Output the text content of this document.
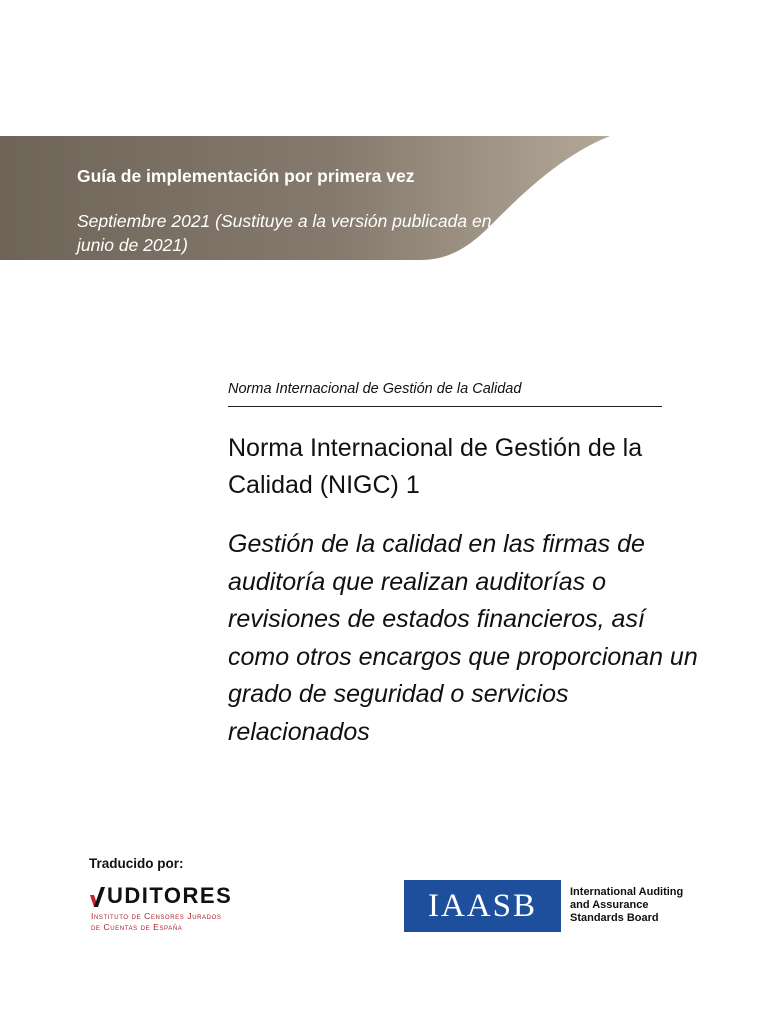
Guía de implementación por primera vez

Septiembre 2021 (Sustituye a la versión publicada en junio de 2021)

Norma Internacional de Gestión de la Calidad

Norma Internacional de Gestión de la Calidad (NIGC) 1

Gestión de la calidad en las firmas de auditoría que realizan auditorías o revisiones de estados financieros, así como otros encargos que proporcionan un grado de seguridad o servicios relacionados

Traducido por:

UDITORES

Instituto de Censores Jurados

de Cuentas de España

IAASB	International Auditing
and Assurance
Standards Board
